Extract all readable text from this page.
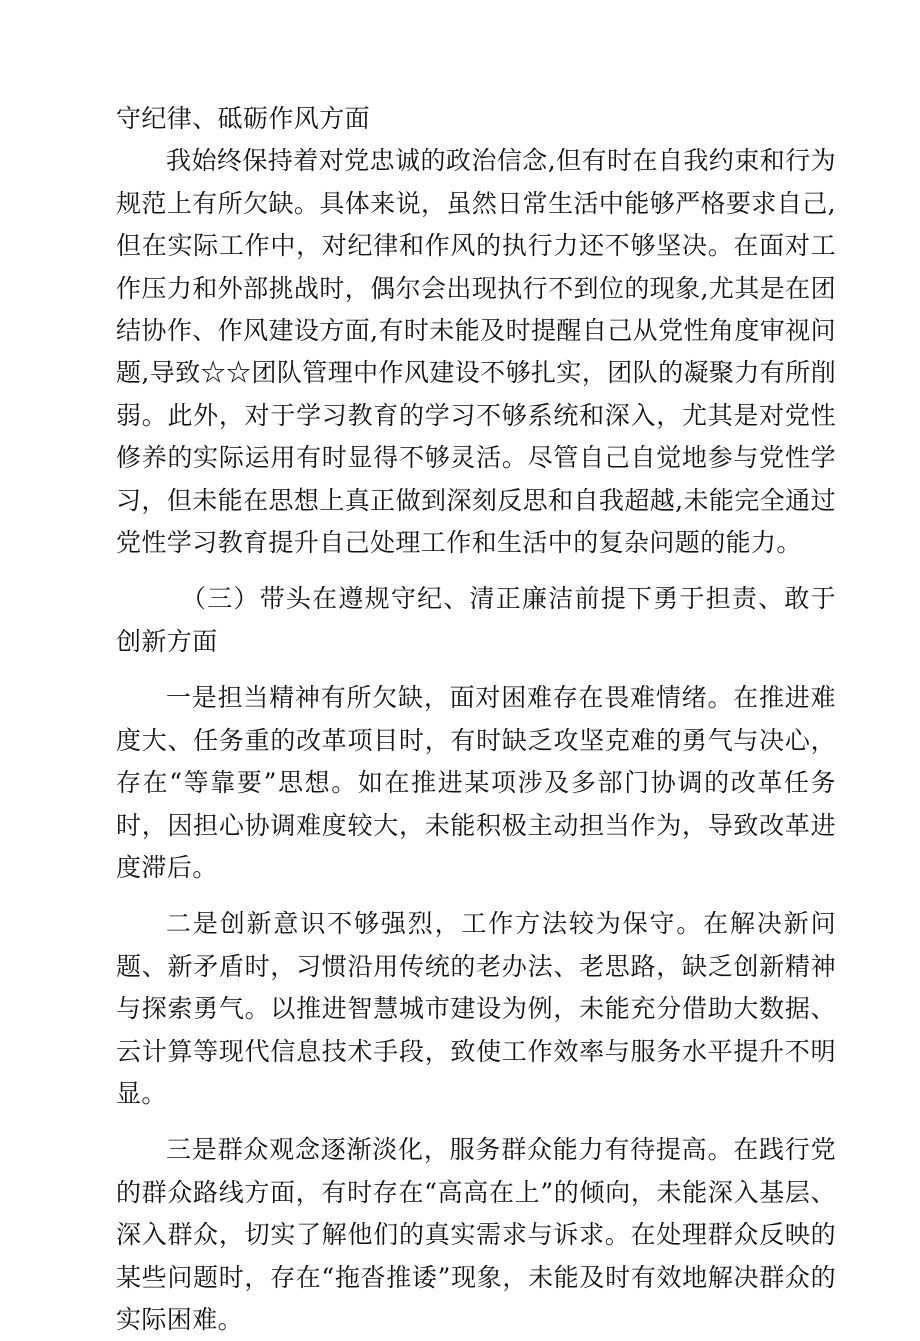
守纪律、砥砺作风方面

我始终保持着对党忠诚的政治信念,但有时在自我约束和行为规范上有所欠缺。具体来说，虽然日常生活中能够严格要求自己,但在实际工作中，对纪律和作风的执行力还不够坚决。在面对工作压力和外部挑战时，偶尔会出现执行不到位的现象,尤其是在团结协作、作风建设方面,有时未能及时提醒自己从党性角度审视问题,导致☆☆团队管理中作风建设不够扎实，团队的凝聚力有所削弱。此外，对于学习教育的学习不够系统和深入，尤其是对党性修养的实际运用有时显得不够灵活。尽管自己自觉地参与党性学习，但未能在思想上真正做到深刻反思和自我超越,未能完全通过党性学习教育提升自己处理工作和生活中的复杂问题的能力。

（三）带头在遵规守纪、清正廉洁前提下勇于担责、敢于创新方面

一是担当精神有所欠缺，面对困难存在畏难情绪。在推进难度大、任务重的改革项目时，有时缺乏攻坚克难的勇气与决心，存在“等靠要”思想。如在推进某项涉及多部门协调的改革任务时，因担心协调难度较大，未能积极主动担当作为，导致改革进度滞后。

二是创新意识不够强烈，工作方法较为保守。在解决新问题、新矛盾时，习惯沿用传统的老办法、老思路，缺乏创新精神与探索勇气。以推进智慧城市建设为例，未能充分借助大数据、云计算等现代信息技术手段，致使工作效率与服务水平提升不明显。

三是群众观念逐渐淡化，服务群众能力有待提高。在践行党的群众路线方面，有时存在“高高在上”的倾向，未能深入基层、深入群众，切实了解他们的真实需求与诉求。在处理群众反映的某些问题时，存在“拖沓推诿”现象，未能及时有效地解决群众的实际困难。
